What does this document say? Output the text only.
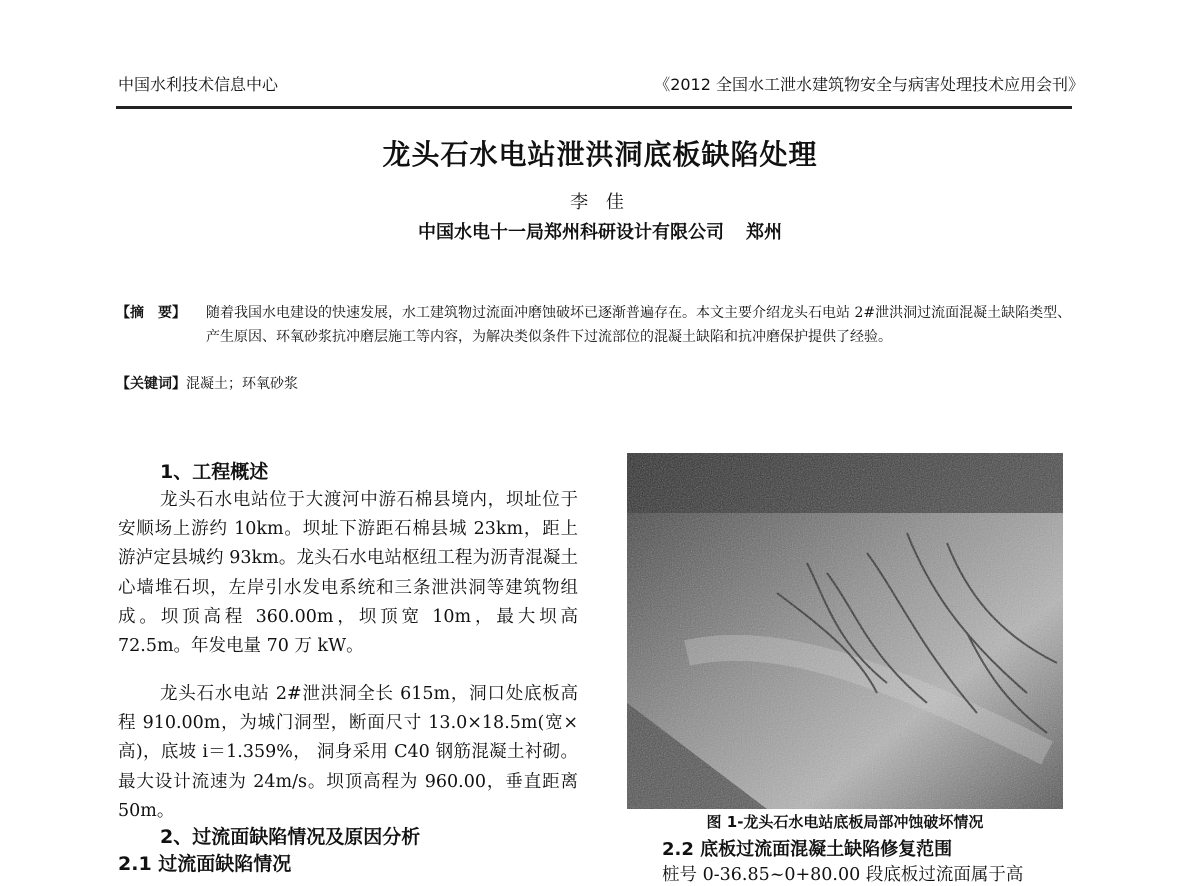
中国水利技术信息中心	《2012 全国水工泄水建筑物安全与病害处理技术应用会刊》
龙头石水电站泄洪洞底板缺陷处理
李 佳
中国水电十一局郑州科研设计有限公司 郑州
【摘　要】 随着我国水电建设的快速发展，水工建筑物过流面冲磨蚀破坏已逐渐普遍存在。本文主要介绍龙头石电站 2#泄洪洞过流面混凝土缺陷类型、产生原因、环氧砂浆抗冲磨层施工等内容，为解决类似条件下过流部位的混凝土缺陷和抗冲磨保护提供了经验。
【关键词】混凝土；环氧砂浆
1、工程概述
龙头石水电站位于大渡河中游石棉县境内，坝址位于安顺场上游约 10km。坝址下游距石棉县城 23km，距上游泸定县城约 93km。龙头石水电站枢纽工程为沥青混凝土心墙堆石坝，左岸引水发电系统和三条泄洪洞等建筑物组成。坝顶高程 360.00m，坝顶宽 10m，最大坝高 72.5m。年发电量 70 万 kW。
龙头石水电站 2#泄洪洞全长 615m，洞口处底板高程 910.00m，为城门洞型，断面尺寸 13.0×18.5m(宽×高)，底坡 i＝1.359%， 洞身采用 C40 钢筋混凝土衬砌。最大设计流速为 24m/s。坝顶高程为 960.00，垂直距离 50m。
2、过流面缺陷情况及原因分析
2.1 过流面缺陷情况
图 1-龙头石水电站底板局部冲蚀破坏情况
2.2 底板过流面混凝土缺陷修复范围
桩号 0-36.85~0+80.00 段底板过流面属于高
